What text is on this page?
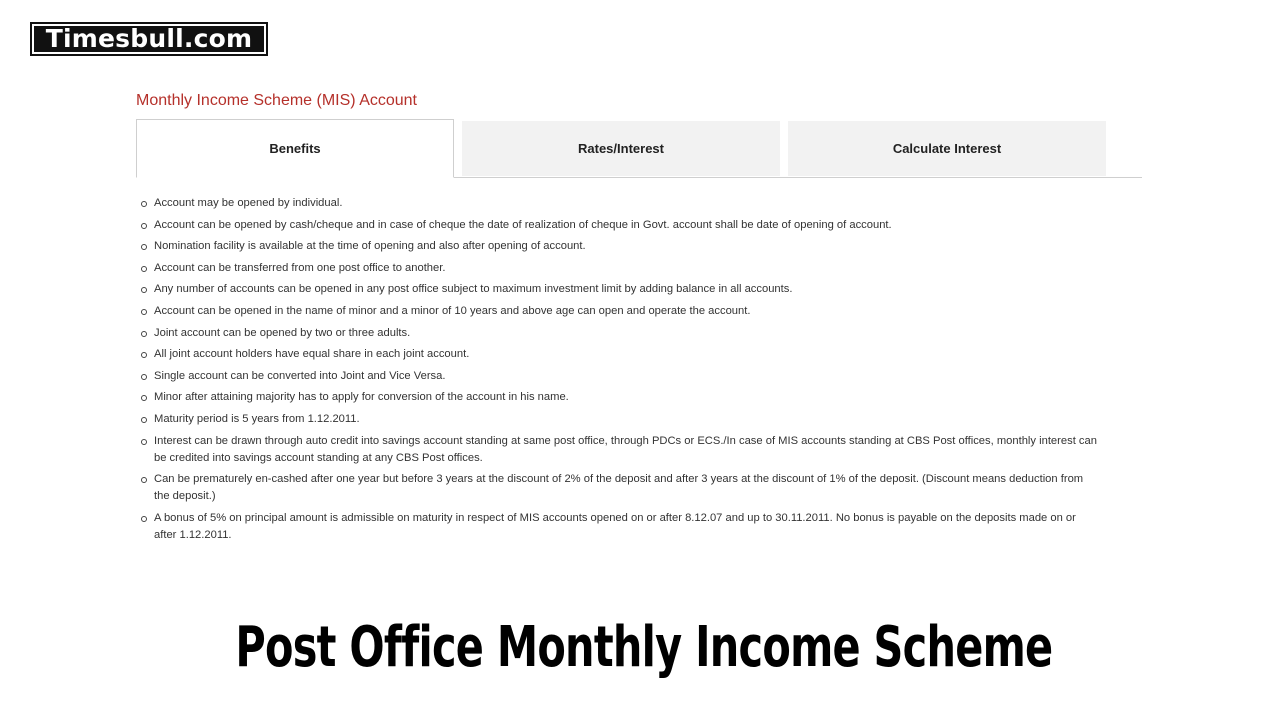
Timesbull.com
Monthly Income Scheme (MIS) Account
Benefits	Rates/Interest	Calculate Interest
Account may be opened by individual.
Account can be opened by cash/cheque and in case of cheque the date of realization of cheque in Govt. account shall be date of opening of account.
Nomination facility is available at the time of opening and also after opening of account.
Account can be transferred from one post office to another.
Any number of accounts can be opened in any post office subject to maximum investment limit by adding balance in all accounts.
Account can be opened in the name of minor and a minor of 10 years and above age can open and operate the account.
Joint account can be opened by two or three adults.
All joint account holders have equal share in each joint account.
Single account can be converted into Joint and Vice Versa.
Minor after attaining majority has to apply for conversion of the account in his name.
Maturity period is 5 years from 1.12.2011.
Interest can be drawn through auto credit into savings account standing at same post office, through PDCs or ECS./In case of MIS accounts standing at CBS Post offices, monthly interest can be credited into savings account standing at any CBS Post offices.
Can be prematurely en-cashed after one year but before 3 years at the discount of 2% of the deposit and after 3 years at the discount of 1% of the deposit. (Discount means deduction from the deposit.)
A bonus of 5% on principal amount is admissible on maturity in respect of MIS accounts opened on or after 8.12.07 and up to 30.11.2011. No bonus is payable on the deposits made on or after 1.12.2011.
Post Office Monthly Income Scheme
